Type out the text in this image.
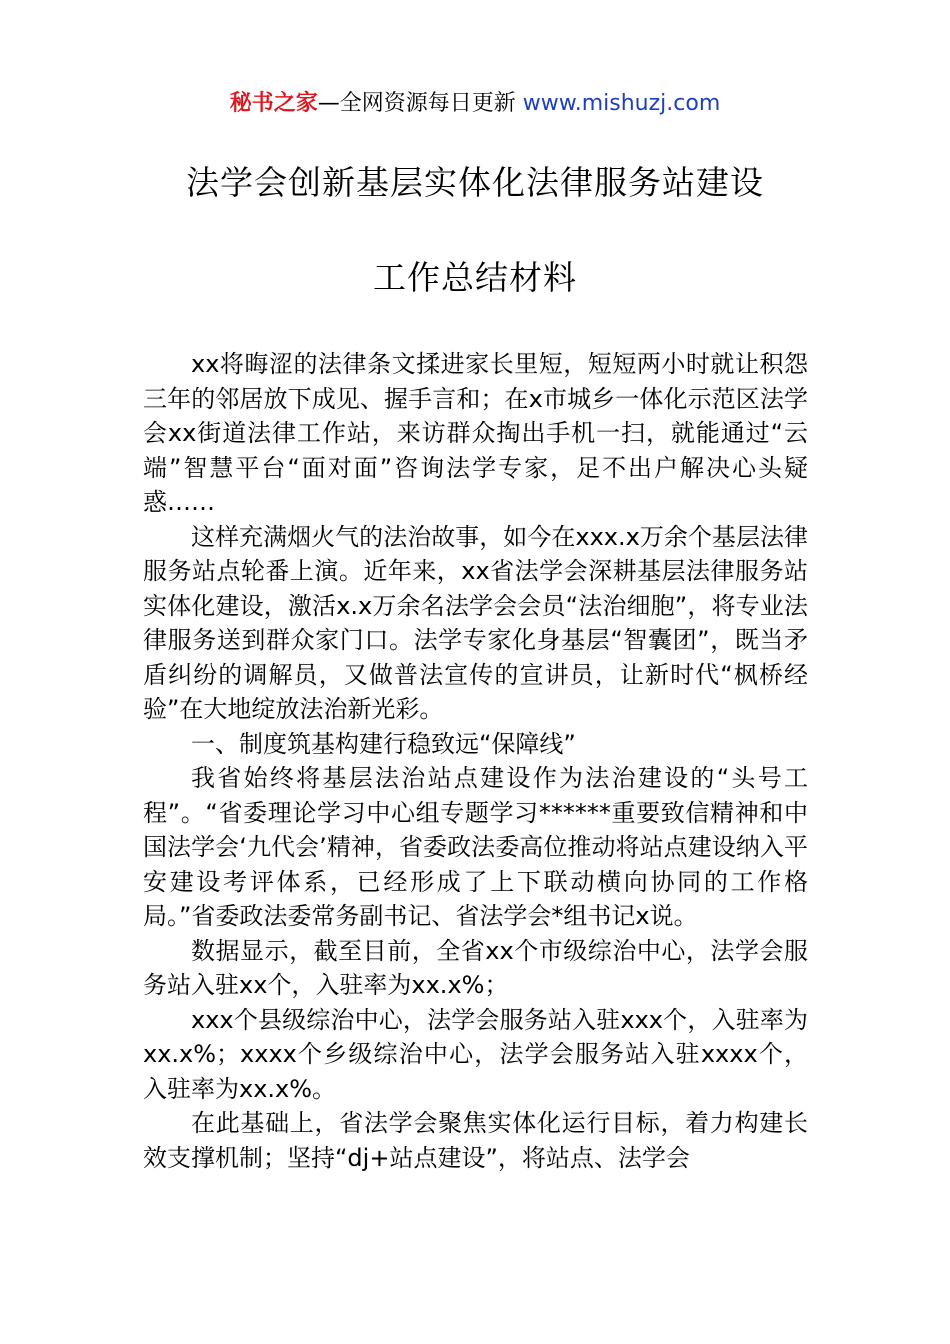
秘书之家—全网资源每日更新 www.mishuzj.com
法学会创新基层实体化法律服务站建设
工作总结材料

xx将晦涩的法律条文揉进家长里短，短短两小时就让积怨三年的邻居放下成见、握手言和；在x市城乡一体化示范区法学会xx街道法律工作站，来访群众掏出手机一扫，就能通过“云端”智慧平台“面对面”咨询法学专家，足不出户解决心头疑惑……

这样充满烟火气的法治故事，如今在xxx.x万余个基层法律服务站点轮番上演。近年来，xx省法学会深耕基层法律服务站实体化建设，激活x.x万余名法学会会员“法治细胞”，将专业法律服务送到群众家门口。法学专家化身基层“智囊团”，既当矛盾纠纷的调解员，又做普法宣传的宣讲员，让新时代“枫桥经验”在大地绽放法治新光彩。

一、制度筑基构建行稳致远“保障线”

我省始终将基层法治站点建设作为法治建设的“头号工程”。“省委理论学习中心组专题学习******重要致信精神和中国法学会‘九代会’精神，省委政法委高位推动将站点建设纳入平安建设考评体系，已经形成了上下联动横向协同的工作格局。”省委政法委常务副书记、省法学会*组书记x说。

数据显示，截至目前，全省xx个市级综治中心，法学会服务站入驻xx个，入驻率为xx.x%；

xxx个县级综治中心，法学会服务站入驻xxx个，入驻率为xx.x%；xxxx个乡级综治中心，法学会服务站入驻xxxx个，入驻率为xx.x%。

在此基础上，省法学会聚焦实体化运行目标，着力构建长效支撑机制；坚持“dj+站点建设”，将站点、法学会
